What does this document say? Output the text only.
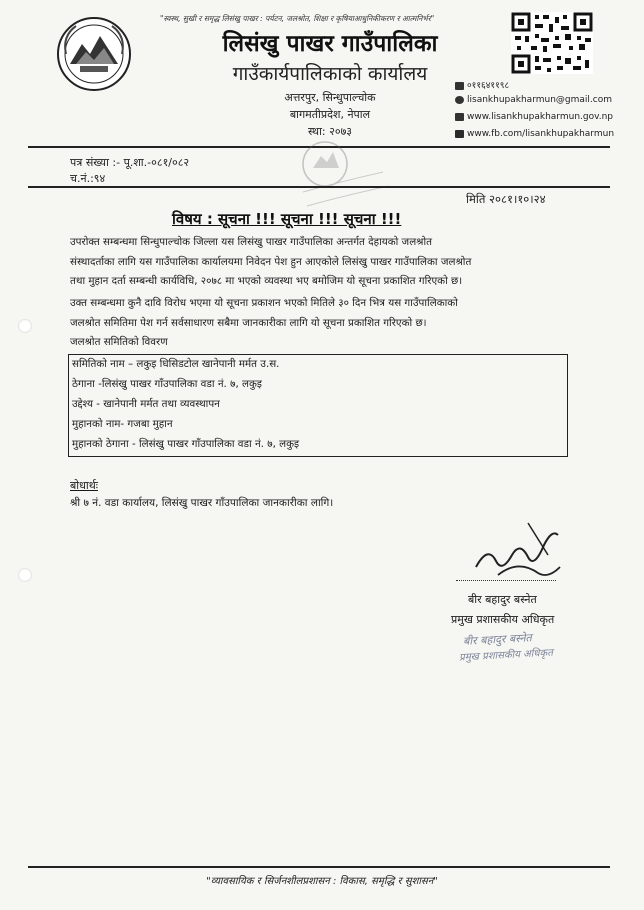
"स्वस्थ, सुखी र समृद्ध लिसंखु पाखर : पर्यटन, जलश्रोत, शिक्षा र कृषियाआधुनिकीकरण र आत्मनिर्भर"
लिसंखु पाखर गाउँपालिका
गाउँकार्यपालिकाको कार्यालय
अत्तरपुर, सिन्धुपाल्चोक
बागमतीप्रदेश, नेपाल
स्था: २०७३
०११६४११९८
lisankhupakharmun@gmail.com
www.lisankhupakharmun.gov.np
www.fb.com/lisankhupakharmun
पत्र संख्या :- पू.शा.-०८१/०८२
च.नं.:९४
मिति २०८१।१०।२४
विषय : सूचना !!! सूचना !!! सूचना !!!
उपरोक्त सम्बन्धमा सिन्धुपाल्चोक जिल्ला यस लिसंखु पाखर गाउँपालिका अन्तर्गत देहायको जलश्रोत
संस्थादर्ताका लागि यस गाउँपालिका कार्यालयमा निवेदन पेश हुन आएकोले लिसंखु पाखर गाउँपालिका जलश्रोत
तथा मुहान दर्ता सम्बन्धी कार्यविधि, २०७८ मा भएको व्यवस्था भए बमोजिम यो सूचना प्रकाशित गरिएको छ।
उक्त सम्बन्धमा कुनै दावि विरोध भएमा यो सूचना प्रकाशन भएको मितिले ३० दिन भित्र यस गाउँपालिकाको
जलश्रोत समितिमा पेश गर्न सर्वसाधारण सबैमा जानकारीका लागि यो सूचना प्रकाशित गरिएको छ।
जलश्रोत समितिको विवरण
समितिको नाम – लकुइ धिसिडटोल खानेपानी मर्मत उ.स.
ठेगाना -लिसंखु पाखर गाँउपालिका वडा नं. ७, लकुइ
उद्देश्य - खानेपानी मर्मत तथा व्यवस्थापन
मुहानको नाम- गजबा मुहान
मुहानको ठेगाना - लिसंखु पाखर गाँउपालिका वडा नं. ७, लकुइ
बोधार्थः
श्री ७ नं. वडा कार्यालय, लिसंखु पाखर गाँउपालिका जानकारीका लागि।
बीर बहादुर बस्नेत
प्रमुख प्रशासकीय अधिकृत
बीर बहादुर बस्नेत
प्रमुख प्रशासकीय अधिकृत
"व्यावसायिक र सिर्जनशीलप्रशासन : विकास, समृद्धि र सुशासन"
